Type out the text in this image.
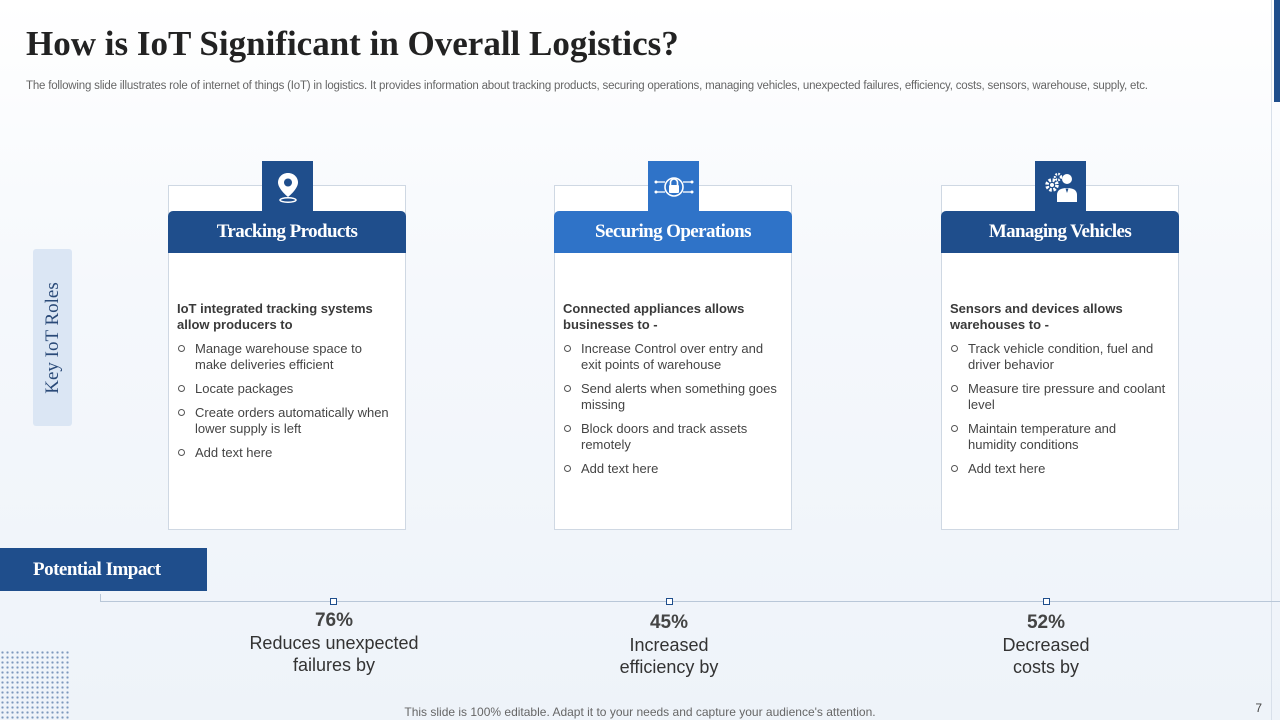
How is IoT Significant in Overall Logistics?

The following slide illustrates role of internet of things (IoT) in logistics. It provides information about tracking products, securing operations, managing vehicles, unexpected failures, efficiency, costs, sensors, warehouse, supply, etc.

Key IoT Roles
Tracking Products

IoT integrated tracking systems allow producers to

Manage warehouse space to make deliveries efficient
Locate packages
Create orders automatically when lower supply is left
Add text here
Securing Operations

Connected appliances allows businesses to -

Increase Control over entry and exit points of warehouse
Send alerts when something goes missing
Block doors and track assets remotely
Add text here
Managing Vehicles

Sensors and devices allows warehouses to -

Track vehicle condition, fuel and driver behavior
Measure tire pressure and coolant level
Maintain temperature and humidity conditions
Add text here
Potential Impact
76%
Reduces unexpected failures by
45%
Increased efficiency by
52%
Decreased costs by
This slide is 100% editable. Adapt it to your needs and capture your audience's attention.	7
